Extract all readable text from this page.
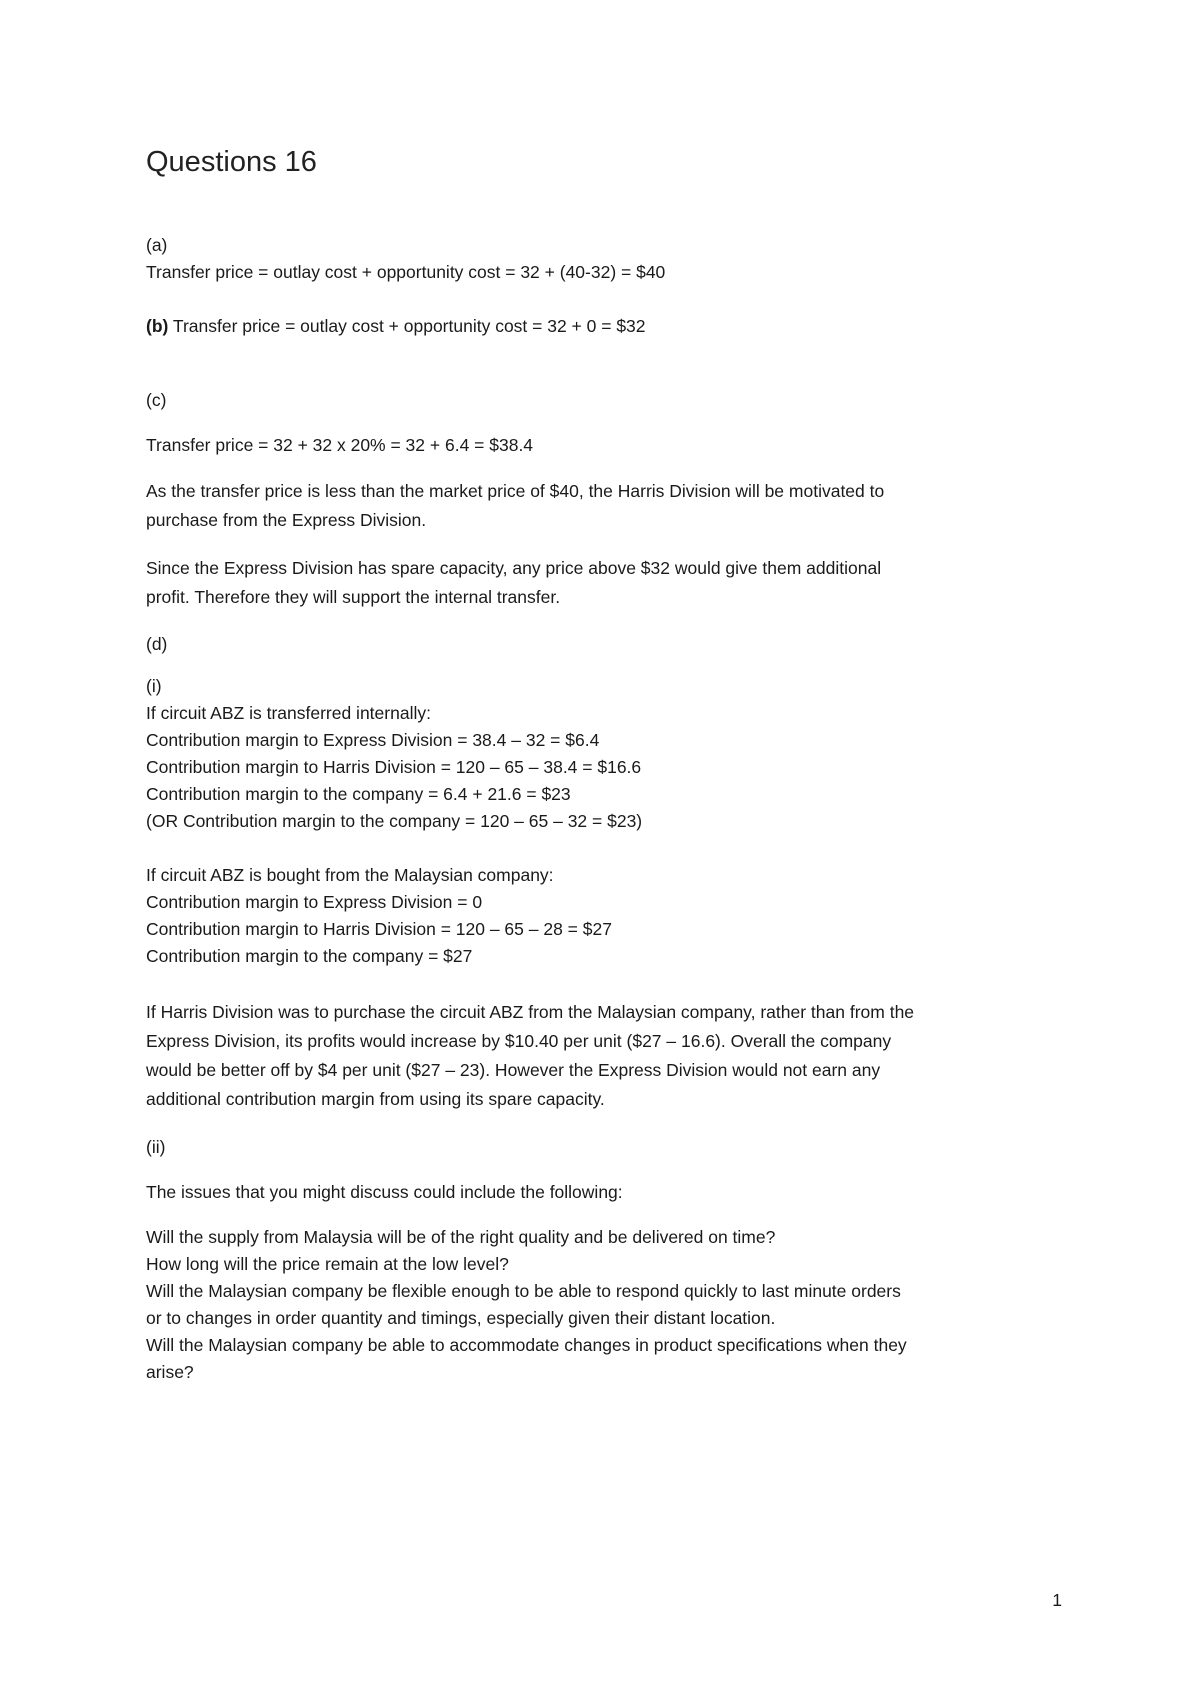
Questions 16

(a)

Transfer price = outlay cost + opportunity cost = 32 + (40-32) = $40

(b) Transfer price = outlay cost + opportunity cost = 32 + 0 = $32

(c)

Transfer price = 32 + 32 x 20% = 32 + 6.4 = $38.4

As the transfer price is less than the market price of $40, the Harris Division will be motivated to

purchase from the Express Division.

Since the Express Division has spare capacity, any price above $32 would give them additional

profit. Therefore they will support the internal transfer.

(d)

(i)

If circuit ABZ is transferred internally:

Contribution margin to Express Division = 38.4 – 32 = $6.4

Contribution margin to Harris Division = 120 – 65 – 38.4 = $16.6

Contribution margin to the company = 6.4 + 21.6 = $23

(OR Contribution margin to the company = 120 – 65 – 32 = $23)

If circuit ABZ is bought from the Malaysian company:

Contribution margin to Express Division = 0

Contribution margin to Harris Division = 120 – 65 – 28 = $27

Contribution margin to the company = $27

If Harris Division was to purchase the circuit ABZ from the Malaysian company, rather than from the

Express Division, its profits would increase by $10.40 per unit ($27 – 16.6). Overall the company

would be better off by $4 per unit ($27 – 23). However the Express Division would not earn any

additional contribution margin from using its spare capacity.

(ii)

The issues that you might discuss could include the following:

Will the supply from Malaysia will be of the right quality and be delivered on time?

How long will the price remain at the low level?

Will the Malaysian company be flexible enough to be able to respond quickly to last minute orders

or to changes in order quantity and timings, especially given their distant location.

Will the Malaysian company be able to accommodate changes in product specifications when they

arise?

1
